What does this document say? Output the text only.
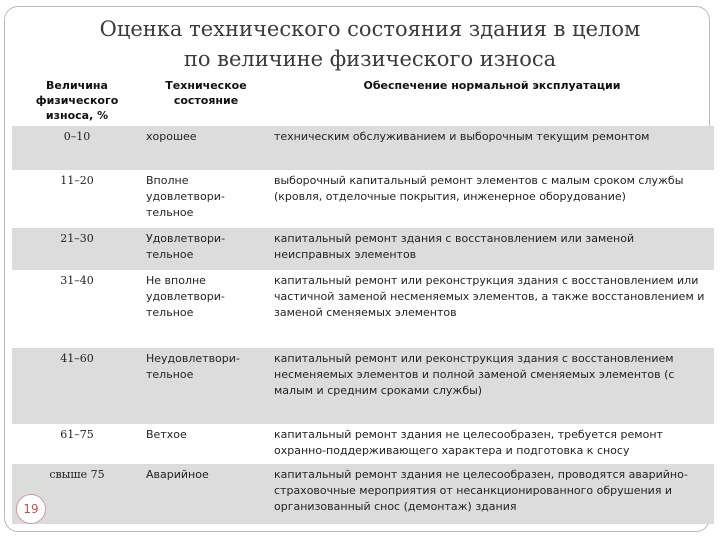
Оценка технического состояния здания в целом
по величине физического износа
Величина физического износа, %	Техническое состояние	Обеспечение нормальной эксплуатации
0–10	хорошее	техническим обслуживанием и выборочным текущим ремонтом
11–20	Вполне удовлетвори-тельное	выборочный капитальный ремонт элементов с малым сроком службы (кровля, отделочные покрытия, инженерное оборудование)
21–30	Удовлетвори-тельное	капитальный ремонт здания с восстановлением или заменой неисправных элементов
31–40	Не вполне удовлетвори-тельное	капитальный ремонт или реконструкция здания с восстановлением или частичной заменой несменяемых элементов, а также восстановлением и заменой сменяемых элементов
41–60	Неудовлетвори-тельное	капитальный ремонт или реконструкция здания с восстановлением несменяемых элементов и полной заменой сменяемых элементов (с малым и средним сроками службы)
61–75	Ветхое	капитальный ремонт здания не целесообразен, требуется ремонт охранно-поддерживающего характера и подготовка к сносу
свыше 75	Аварийное	капитальный ремонт здания не целесообразен, проводятся аварийно-страховочные мероприятия от несанкционированного обрушения и организованный снос (демонтаж) здания
19
